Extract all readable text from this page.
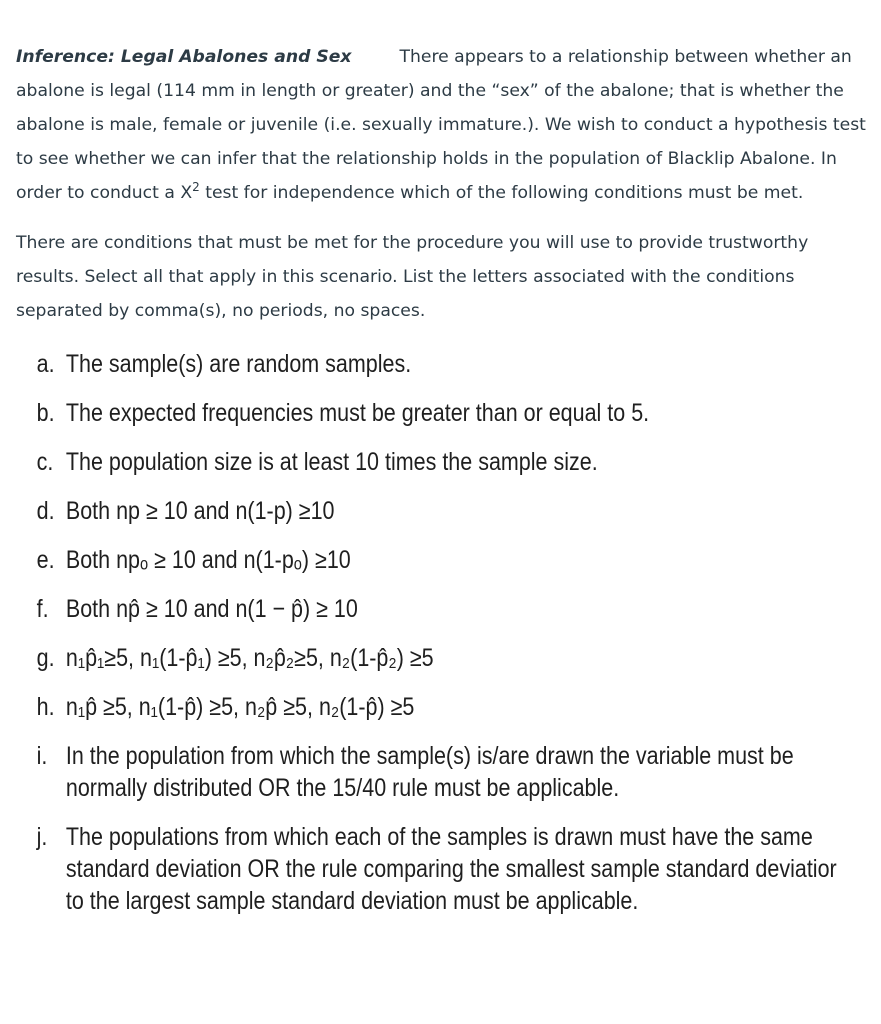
Inference: Legal Abalones and Sex	There appears to a relationship between whether an abalone is legal (114 mm in length or greater) and the “sex” of the abalone; that is whether the abalone is male, female or juvenile (i.e. sexually immature.). We wish to conduct a hypothesis test to see whether we can infer that the relationship holds in the population of Blacklip Abalone. In order to conduct a $X^2$ test for independence which of the following conditions must be met.

There are conditions that must be met for the procedure you will use to provide trustworthy results. Select all that apply in this scenario. List the letters associated with the conditions separated by comma(s), no periods, no spaces.

a. The sample(s) are random samples.
b. The expected frequencies must be greater than or equal to 5.
c. The population size is at least 10 times the sample size.
d. Both np ≥ 10 and n(1-p) ≥10
e. Both npₒ ≥ 10 and n(1-pₒ) ≥10
f. Both np̂ ≥ 10 and n(1 − p̂) ≥ 10
g. n₁p̂₁≥5, n₁(1-p̂₁) ≥5, n₂p̂₂≥5, n₂(1-p̂₂) ≥5
h. n₁p̂ ≥5, n₁(1-p̂) ≥5, n₂p̂ ≥5, n₂(1-p̂) ≥5
i. In the population from which the sample(s) is/are drawn the variable must be
normally distributed OR the 15/40 rule must be applicable.
j. The populations from which each of the samples is drawn must have the same
standard deviation OR the rule comparing the smallest sample standard deviatior
to the largest sample standard deviation must be applicable.
